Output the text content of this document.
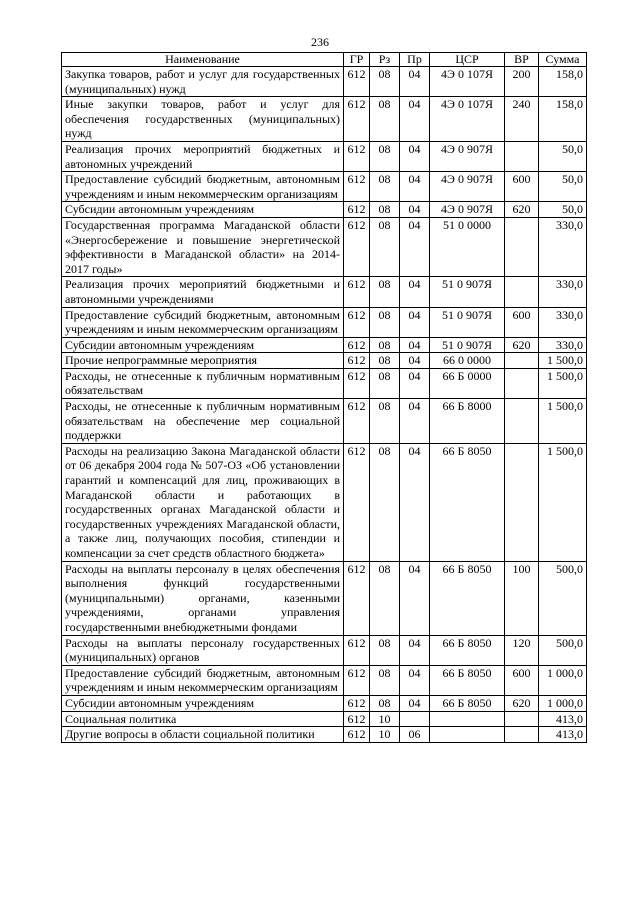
236
Наименование	ГР	Рз	Пр	ЦСР	ВР	Сумма
Закупка товаров, работ и услуг для государственных (муниципальных) нужд	612	08	04	4Э 0 107Я	200	158,0
Иные закупки товаров, работ и услуг для обеспечения государственных (муниципальных) нужд	612	08	04	4Э 0 107Я	240	158,0
Реализация прочих мероприятий бюджетных и автономных учреждений	612	08	04	4Э 0 907Я		50,0
Предоставление субсидий бюджетным, автономным учреждениям и иным некоммерческим организациям	612	08	04	4Э 0 907Я	600	50,0
Субсидии автономным учреждениям	612	08	04	4Э 0 907Я	620	50,0
Государственная программа Магаданской области «Энергосбережение и повышение энергетической эффективности в Магаданской области» на 2014-2017 годы»	612	08	04	51 0 0000		330,0
Реализация прочих мероприятий бюджетными и автономными учреждениями	612	08	04	51 0 907Я		330,0
Предоставление субсидий бюджетным, автономным учреждениям и иным некоммерческим организациям	612	08	04	51 0 907Я	600	330,0
Субсидии автономным учреждениям	612	08	04	51 0 907Я	620	330,0
Прочие непрограммные мероприятия	612	08	04	66 0 0000		1 500,0
Расходы, не отнесенные к публичным нормативным обязательствам	612	08	04	66 Б 0000		1 500,0
Расходы, не отнесенные к публичным нормативным обязательствам на обеспечение мер социальной поддержки	612	08	04	66 Б 8000		1 500,0
Расходы на реализацию Закона Магаданской области от 06 декабря 2004 года № 507-ОЗ «Об установлении гарантий и компенсаций для лиц, проживающих в Магаданской области и работающих в государственных органах Магаданской области и государственных учреждениях Магаданской области, а также лиц, получающих пособия, стипендии и компенсации за счет средств областного бюджета»	612	08	04	66 Б 8050		1 500,0
Расходы на выплаты персоналу в целях обеспечения выполнения функций государственными (муниципальными) органами, казенными учреждениями, органами управления государственными внебюджетными фондами	612	08	04	66 Б 8050	100	500,0
Расходы на выплаты персоналу государственных (муниципальных) органов	612	08	04	66 Б 8050	120	500,0
Предоставление субсидий бюджетным, автономным учреждениям и иным некоммерческим организациям	612	08	04	66 Б 8050	600	1 000,0
Субсидии автономным учреждениям	612	08	04	66 Б 8050	620	1 000,0
Социальная политика	612	10				413,0
Другие вопросы в области социальной политики	612	10	06			413,0
